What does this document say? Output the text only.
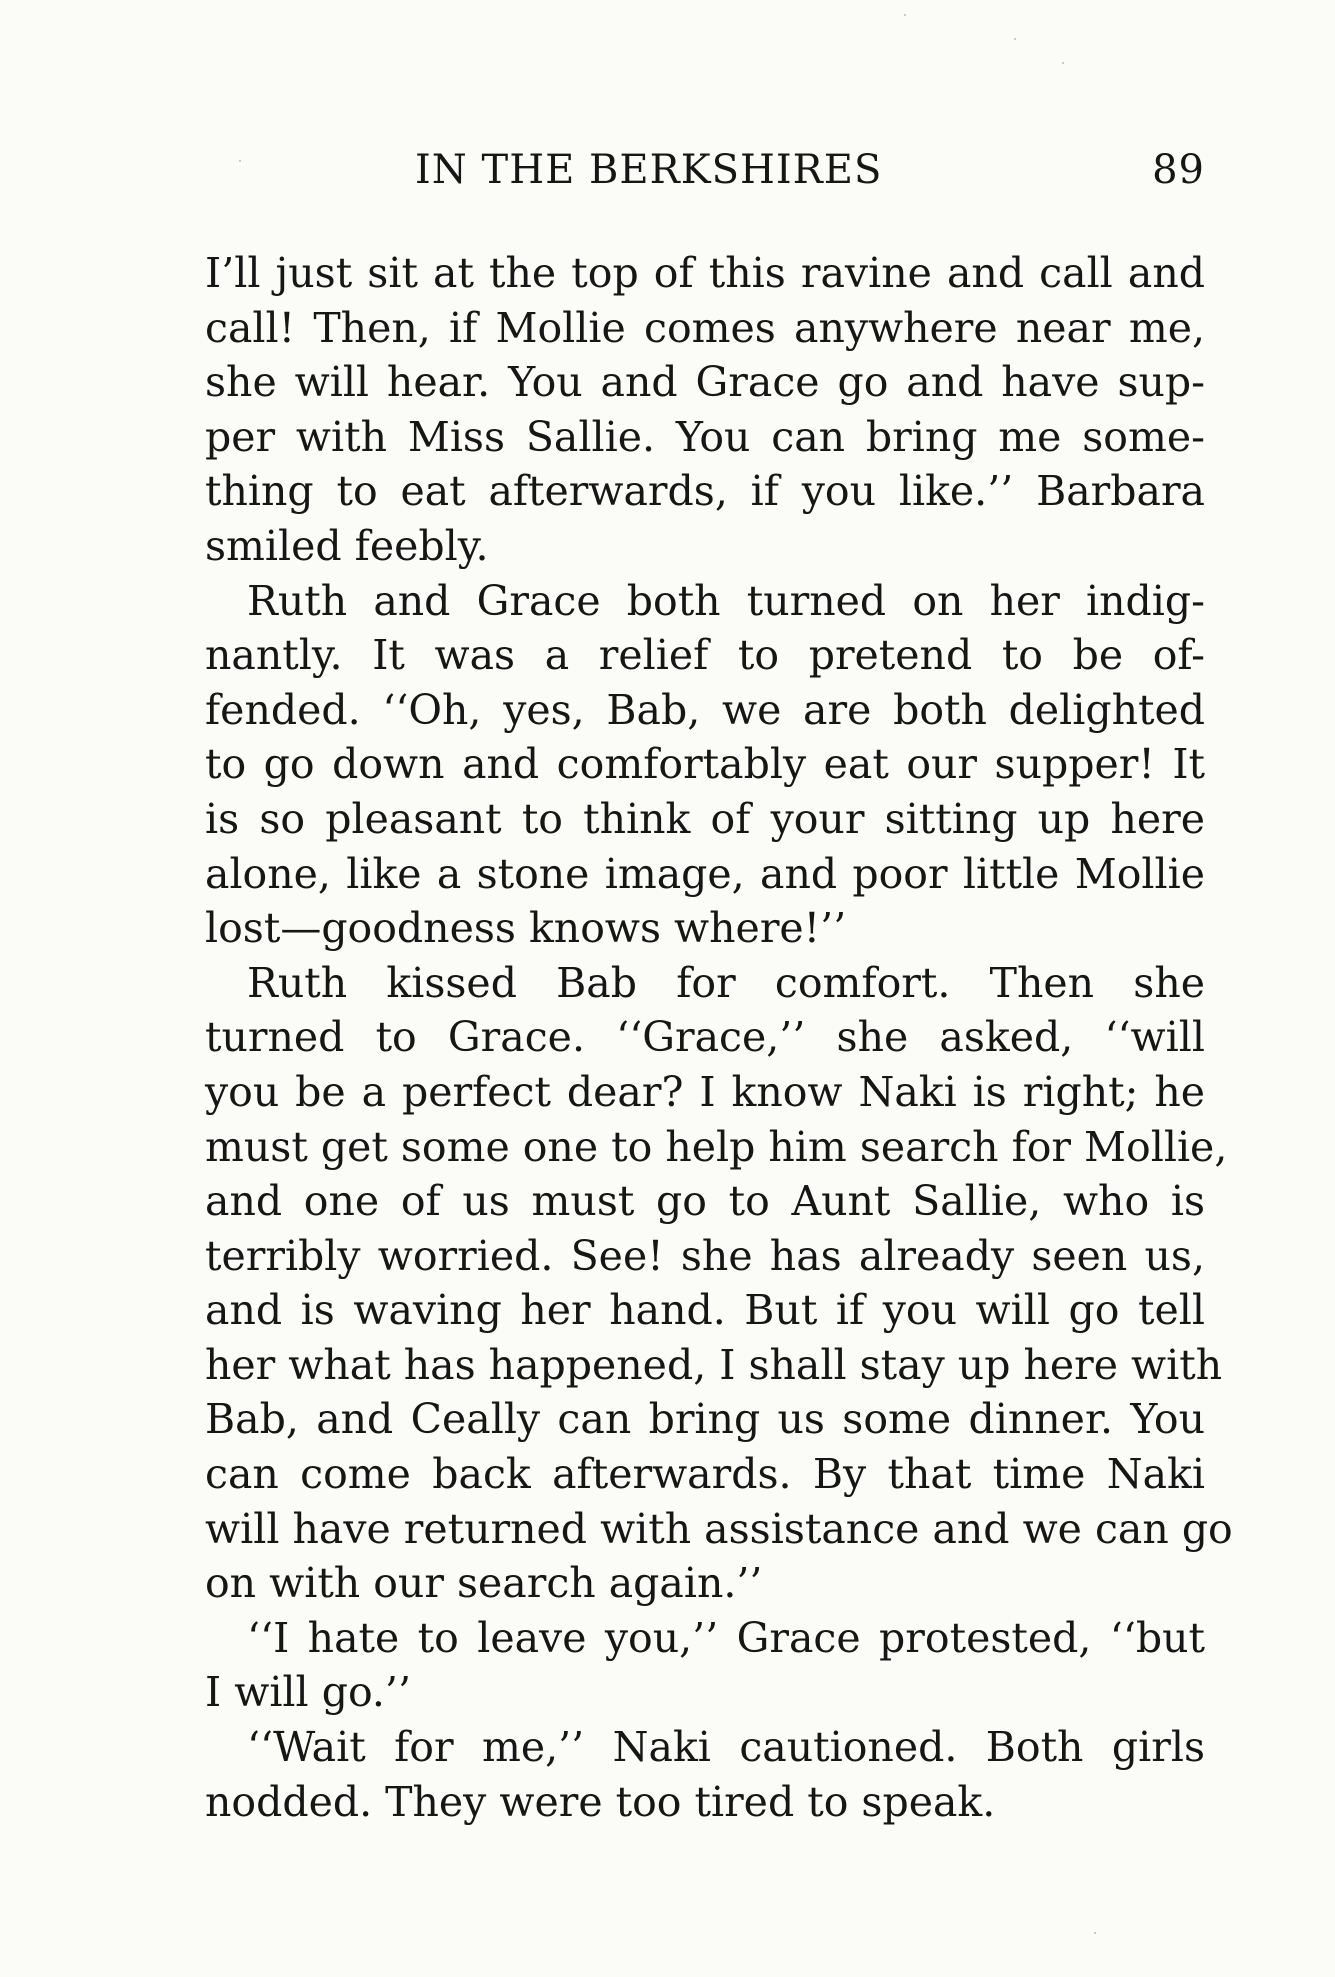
IN THE BERKSHIRES	89
I’ll just sit at the top of this ravine and call and
call! Then, if Mollie comes anywhere near me,
she will hear. You and Grace go and have sup-
per with Miss Sallie. You can bring me some-
thing to eat afterwards, if you like.’’ Barbara
smiled feebly.
Ruth and Grace both turned on her indig-
nantly. It was a relief to pretend to be of-
fended. ‘‘Oh, yes, Bab, we are both delighted
to go down and comfortably eat our supper! It
is so pleasant to think of your sitting up here
alone, like a stone image, and poor little Mollie
lost—goodness knows where!’’
Ruth kissed Bab for comfort. Then she
turned to Grace. ‘‘Grace,’’ she asked, ‘‘will
you be a perfect dear? I know Naki is right; he
must get some one to help him search for Mollie,
and one of us must go to Aunt Sallie, who is
terribly worried. See! she has already seen us,
and is waving her hand. But if you will go tell
her what has happened, I shall stay up here with
Bab, and Ceally can bring us some dinner. You
can come back afterwards. By that time Naki
will have returned with assistance and we can go
on with our search again.’’
‘‘I hate to leave you,’’ Grace protested, ‘‘but
I will go.’’
‘‘Wait for me,’’ Naki cautioned. Both girls
nodded. They were too tired to speak.
